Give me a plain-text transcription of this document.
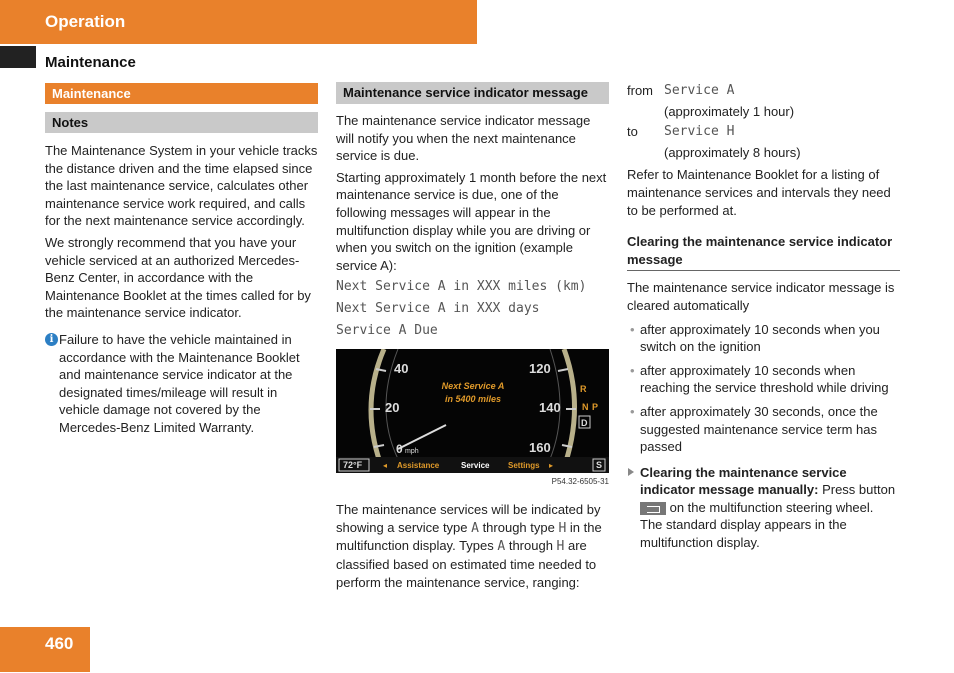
Operation
Maintenance
Maintenance
Notes

The Maintenance System in your vehicle tracks the distance driven and the time elapsed since the last maintenance service, calculates other maintenance service work required, and calls for the next maintenance service accordingly.

We strongly recommend that you have your vehicle serviced at an authorized Mercedes-Benz Center, in accordance with the Maintenance Booklet at the times called for by the maintenance service indicator.

i Failure to have the vehicle maintained in accordance with the Maintenance Booklet and maintenance service indicator at the designated times/mileage will result in vehicle damage not covered by the Mercedes-Benz Limited Warranty.
Maintenance service indicator message

The maintenance service indicator message will notify you when the next maintenance service is due.

Starting approximately 1 month before the next maintenance service is due, one of the following messages will appear in the multifunction display while you are driving or when you switch on the ignition (example service A):

Next Service A in XXX miles (km)
Next Service A in XXX days
Service A Due
40
20
0 mph
120
140
160
Next Service A
in 5400 miles
R
N P
D
72°F	◂ Assistance	Service Settings ▸	S
P54.32-6505-31

The maintenance services will be indicated by showing a service type A through type H in the multifunction display. Types A through H are classified based on estimated time needed to perform the maintenance service, ranging:

from Service A
(approximately 1 hour)
to	Service H
(approximately 8 hours)

Refer to Maintenance Booklet for a listing of maintenance services and intervals they need to be performed at.

Clearing the maintenance service indicator message

The maintenance service indicator message is cleared automatically

• after approximately 10 seconds when you switch on the ignition
• after approximately 10 seconds when reaching the service threshold while driving
• after approximately 30 seconds, once the suggested maintenance service term has passed
Clearing the maintenance service indicator message manually: Press button
on the multifunction steering wheel.
The standard display appears in the multifunction display.
460
